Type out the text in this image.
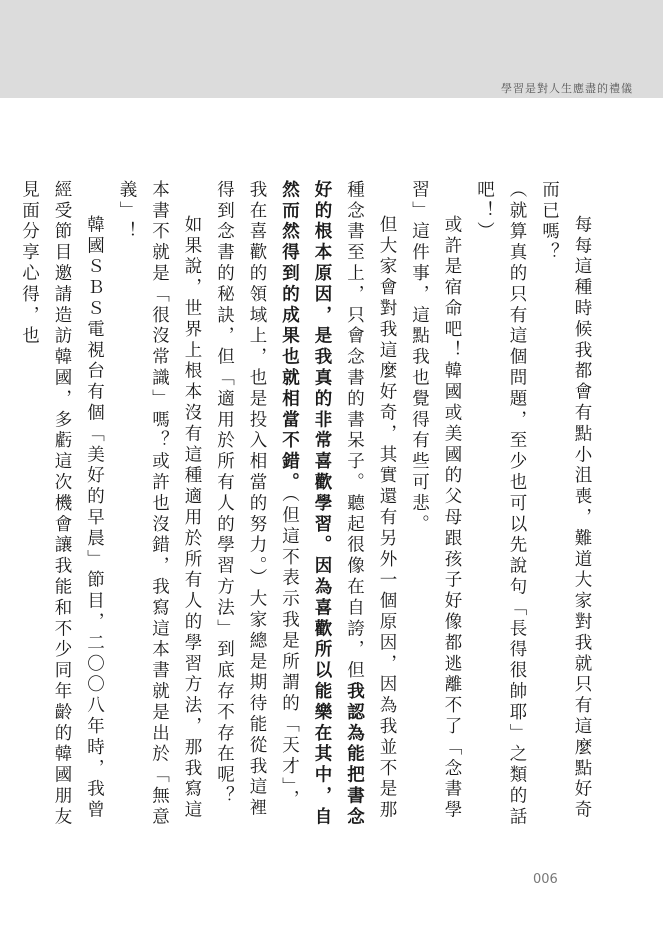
學習是對人生應盡的禮儀

每每這種時候我都會有點小沮喪，難道大家對我就只有這麼點好奇而已嗎？

（就算真的只有這個問題，至少也可以先說句「長得很帥耶」之類的話吧！）

或許是宿命吧！韓國或美國的父母跟孩子好像都逃離不了「念書學習」這件事，這點我也覺得有些可悲。

但大家會對我這麼好奇，其實還有另外一個原因，因為我並不是那種念書至上，只會念書的書呆子。聽起很像在自誇，但我認為能把書念好的根本原因，是我真的非常喜歡學習。因為喜歡所以能樂在其中，自然而然得到的成果也就相當不錯。（但這不表示我是所謂的「天才」，我在喜歡的領域上，也是投入相當的努力。）大家總是期待能從我這裡得到念書的秘訣，但「適用於所有人的學習方法」到底存不存在呢？

如果說，世界上根本沒有這種適用於所有人的學習方法，那我寫這本書不就是「很沒常識」嗎？或許也沒錯，我寫這本書就是出於「無意義」！

韓國ＳＢＳ電視台有個「美好的早晨」節目，二〇〇八年時，我曾經受節目邀請造訪韓國，多虧這次機會讓我能和不少同年齡的韓國朋友見面分享心得，也

006
